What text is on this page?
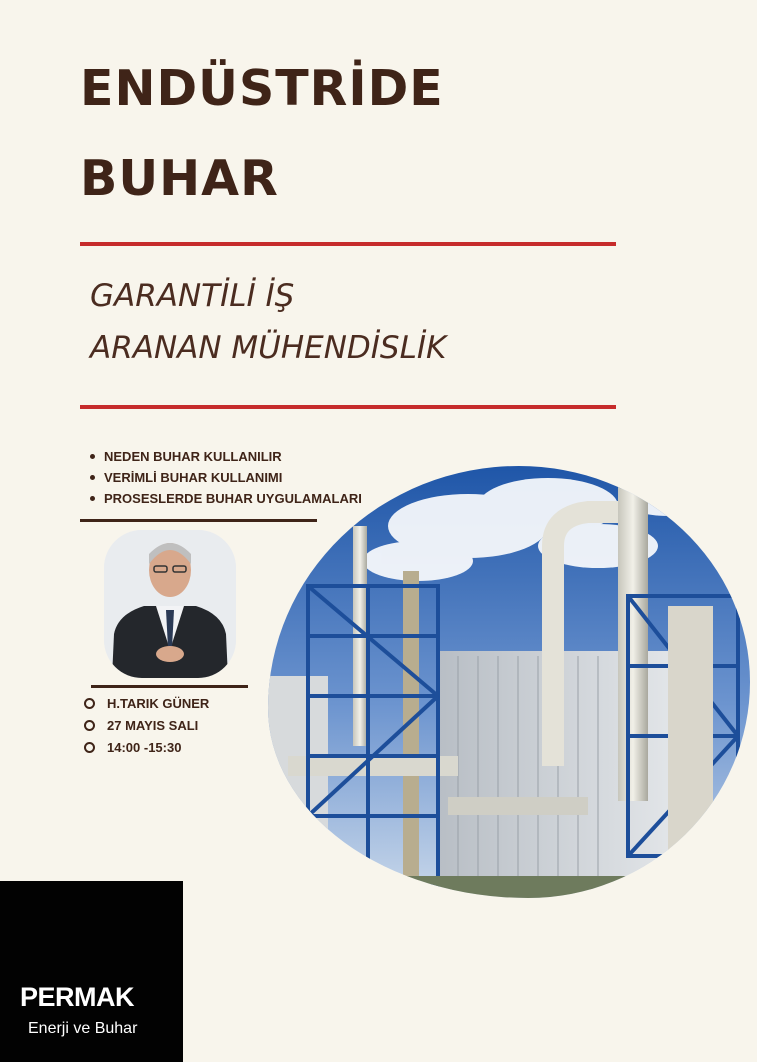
ENDÜSTRİDE
BUHAR
GARANTİLİ İŞ
ARANAN MÜHENDİSLİK
NEDEN BUHAR KULLANILIR
VERİMLİ BUHAR KULLANIMI
PROSESLERDE BUHAR UYGULAMALARI
H.TARIK GÜNER
27 MAYIS SALI
14:00 -15:30
PERMAK
Enerji ve Buhar
